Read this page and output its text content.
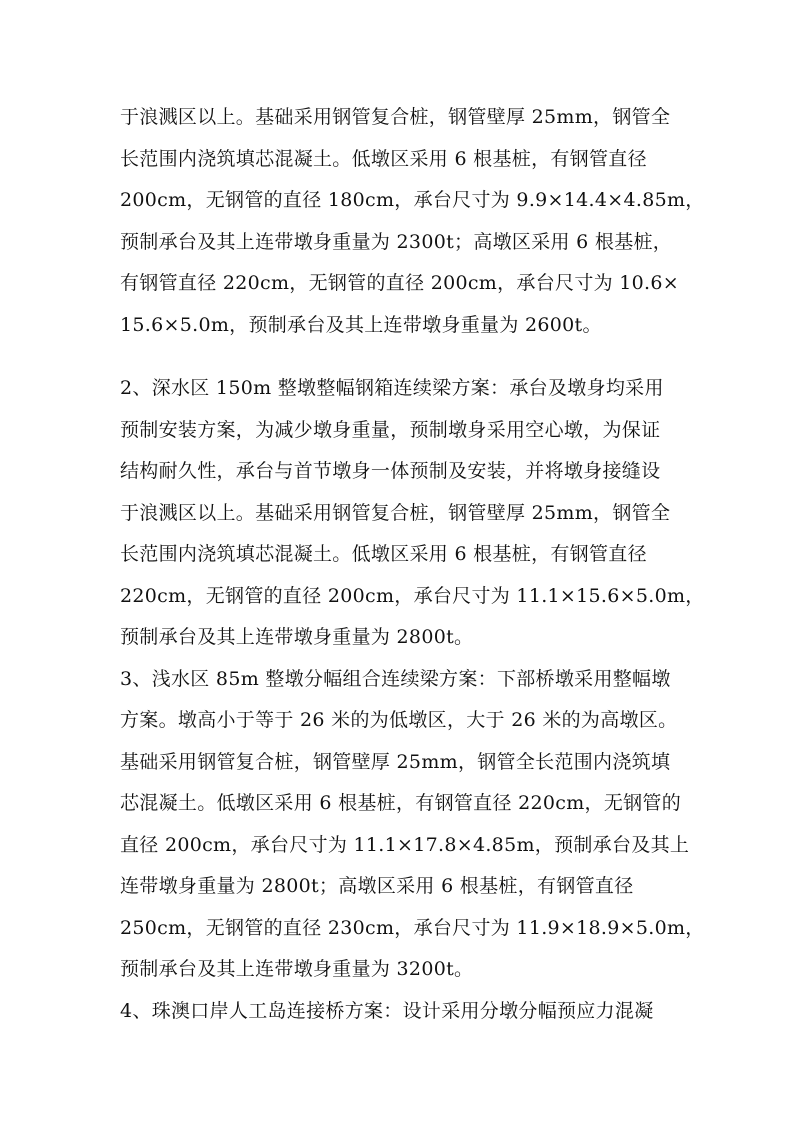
于浪溅区以上。基础采用钢管复合桩，钢管壁厚 25mm，钢管全
长范围内浇筑填芯混凝土。低墩区采用 6 根基桩，有钢管直径
200cm，无钢管的直径 180cm，承台尺寸为 9.9×14.4×4.85m，
预制承台及其上连带墩身重量为 2300t；高墩区采用 6 根基桩，
有钢管直径 220cm，无钢管的直径 200cm，承台尺寸为 10.6×
15.6×5.0m，预制承台及其上连带墩身重量为 2600t。
2、深水区 150m 整墩整幅钢箱连续梁方案：承台及墩身均采用
预制安装方案，为减少墩身重量，预制墩身采用空心墩，为保证
结构耐久性，承台与首节墩身一体预制及安装，并将墩身接缝设
于浪溅区以上。基础采用钢管复合桩，钢管壁厚 25mm，钢管全
长范围内浇筑填芯混凝土。低墩区采用 6 根基桩，有钢管直径
220cm，无钢管的直径 200cm，承台尺寸为 11.1×15.6×5.0m，
预制承台及其上连带墩身重量为 2800t。
3、浅水区 85m 整墩分幅组合连续梁方案：下部桥墩采用整幅墩
方案。墩高小于等于 26 米的为低墩区，大于 26 米的为高墩区。
基础采用钢管复合桩，钢管壁厚 25mm，钢管全长范围内浇筑填
芯混凝土。低墩区采用 6 根基桩，有钢管直径 220cm，无钢管的
直径 200cm，承台尺寸为 11.1×17.8×4.85m，预制承台及其上
连带墩身重量为 2800t；高墩区采用 6 根基桩，有钢管直径
250cm，无钢管的直径 230cm，承台尺寸为 11.9×18.9×5.0m，
预制承台及其上连带墩身重量为 3200t。
4、珠澳口岸人工岛连接桥方案：设计采用分墩分幅预应力混凝
